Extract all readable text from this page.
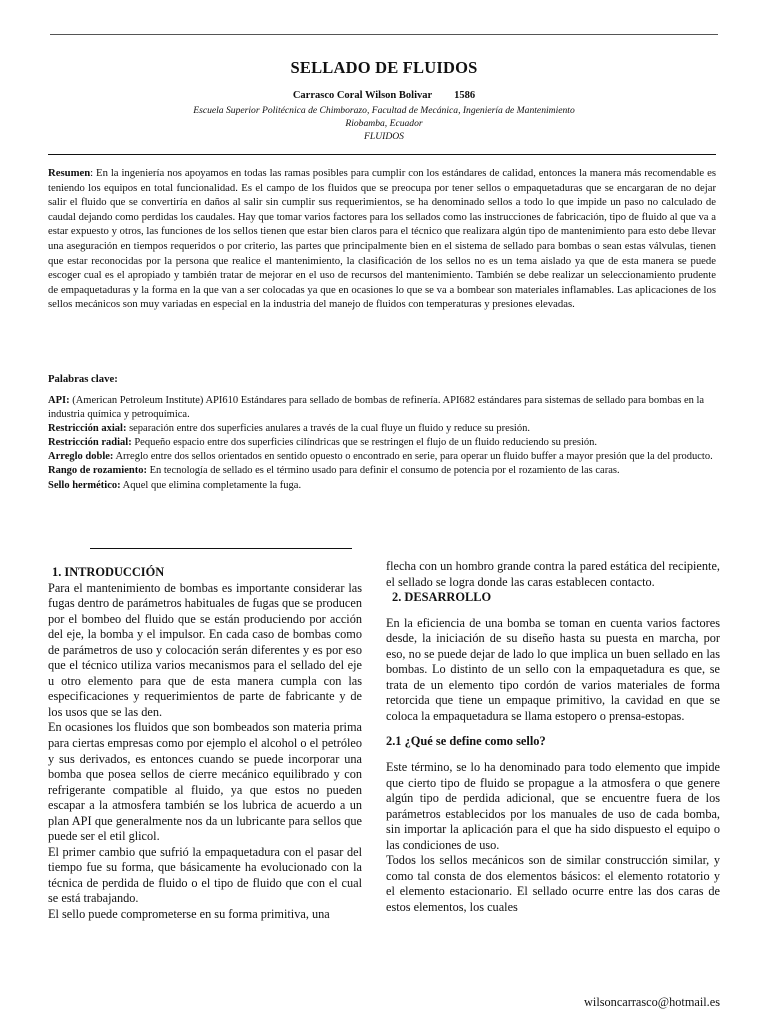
SELLADO DE FLUIDOS
Carrasco Coral Wilson Bolivar 1586
Escuela Superior Politécnica de Chimborazo, Facultad de Mecánica, Ingeniería de Mantenimiento
Riobamba, Ecuador
FLUIDOS

Resumen: En la ingeniería nos apoyamos en todas las ramas posibles para cumplir con los estándares de calidad, entonces la manera más recomendable es teniendo los equipos en total funcionalidad. Es el campo de los fluidos que se preocupa por tener sellos o empaquetaduras que se encargaran de no dejar salir el fluido que se convertiría en daños al salir sin cumplir sus requerimientos, se ha denominado sellos a todo lo que impide un paso no calculado de caudal dejando como perdidas los caudales. Hay que tomar varios factores para los sellados como las instrucciones de fabricación, tipo de fluido al que va a estar expuesto y otros, las funciones de los sellos tienen que estar bien claros para el técnico que realizara algún tipo de mantenimiento para esto debe llevar una aseguración en tiempos requeridos o por criterio, las partes que principalmente bien en el sistema de sellado para bombas o sean estas válvulas, tienen que estar reconocidas por la persona que realice el mantenimiento, la clasificación de los sellos no es un tema aislado ya que de esta manera se puede escoger cual es el apropiado y también tratar de mejorar en el uso de recursos del mantenimiento. También se debe realizar un seleccionamiento prudente de empaquetaduras y la forma en la que van a ser colocadas ya que en ocasiones lo que se va a bombear son materiales inflamables. Las aplicaciones de los sellos mecánicos son muy variadas en especial en la industria del manejo de fluidos con temperaturas y presiones elevadas.

Palabras clave:

API: (American Petroleum Institute) API610 Estándares para sellado de bombas de refinería. API682 estándares para sistemas de sellado para bombas en la industria química y petroquímica.

Restricción axial: separación entre dos superficies anulares a través de la cual fluye un fluido y reduce su presión.

Restricción radial: Pequeño espacio entre dos superficies cilíndricas que se restringen el flujo de un fluido reduciendo su presión.

Arreglo doble: Arreglo entre dos sellos orientados en sentido opuesto o encontrado en serie, para operar un fluido buffer a mayor presión que la del producto.

Rango de rozamiento: En tecnología de sellado es el término usado para definir el consumo de potencia por el rozamiento de las caras.

Sello hermético: Aquel que elimina completamente la fuga.

1. INTRODUCCIÓN

Para el mantenimiento de bombas es importante considerar las fugas dentro de parámetros habituales de fugas que se producen por el bombeo del fluido que se están produciendo por acción del eje, la bomba y el impulsor. En cada caso de bombas como de parámetros de uso y colocación serán diferentes y es por eso que el técnico utiliza varios mecanismos para el sellado del eje u otro elemento para que de esta manera cumpla con las especificaciones y requerimientos de parte de fabricante y de los usos que se las den.

En ocasiones los fluidos que son bombeados son materia prima para ciertas empresas como por ejemplo el alcohol o el petróleo y sus derivados, es entonces cuando se puede incorporar una bomba que posea sellos de cierre mecánico equilibrado y con refrigerante compatible al fluido, ya que estos no pueden escapar a la atmosfera también se los lubrica de acuerdo a un plan API que generalmente nos da un lubricante para sellos que puede ser el etil glicol.

El primer cambio que sufrió la empaquetadura con el pasar del tiempo fue su forma, que básicamente ha evolucionado con la técnica de perdida de fluido o el tipo de fluido que con el cual se está trabajando.

El sello puede comprometerse en su forma primitiva, una

flecha con un hombro grande contra la pared estática del recipiente, el sellado se logra donde las caras establecen contacto.

2. DESARROLLO

En la eficiencia de una bomba se toman en cuenta varios factores desde, la iniciación de su diseño hasta su puesta en marcha, por eso, no se puede dejar de lado lo que implica un buen sellado en las bombas. Lo distinto de un sello con la empaquetadura es que, se trata de un elemento tipo cordón de varios materiales de forma retorcida que tiene un empaque primitivo, la cavidad en que se coloca la empaquetadura se llama estopero o prensa-estopas.

2.1 ¿Qué se define como sello?

Este término, se lo ha denominado para todo elemento que impide que cierto tipo de fluido se propague a la atmosfera o que genere algún tipo de perdida adicional, que se encuentre fuera de los parámetros establecidos por los manuales de uso de cada bomba, sin importar la aplicación para el que ha sido dispuesto el equipo o las condiciones de uso.

Todos los sellos mecánicos son de similar construcción similar, y como tal consta de dos elementos básicos: el elemento rotatorio y el elemento estacionario. El sellado ocurre entre las dos caras de estos elementos, los cuales

wilsoncarrasco@hotmail.es
